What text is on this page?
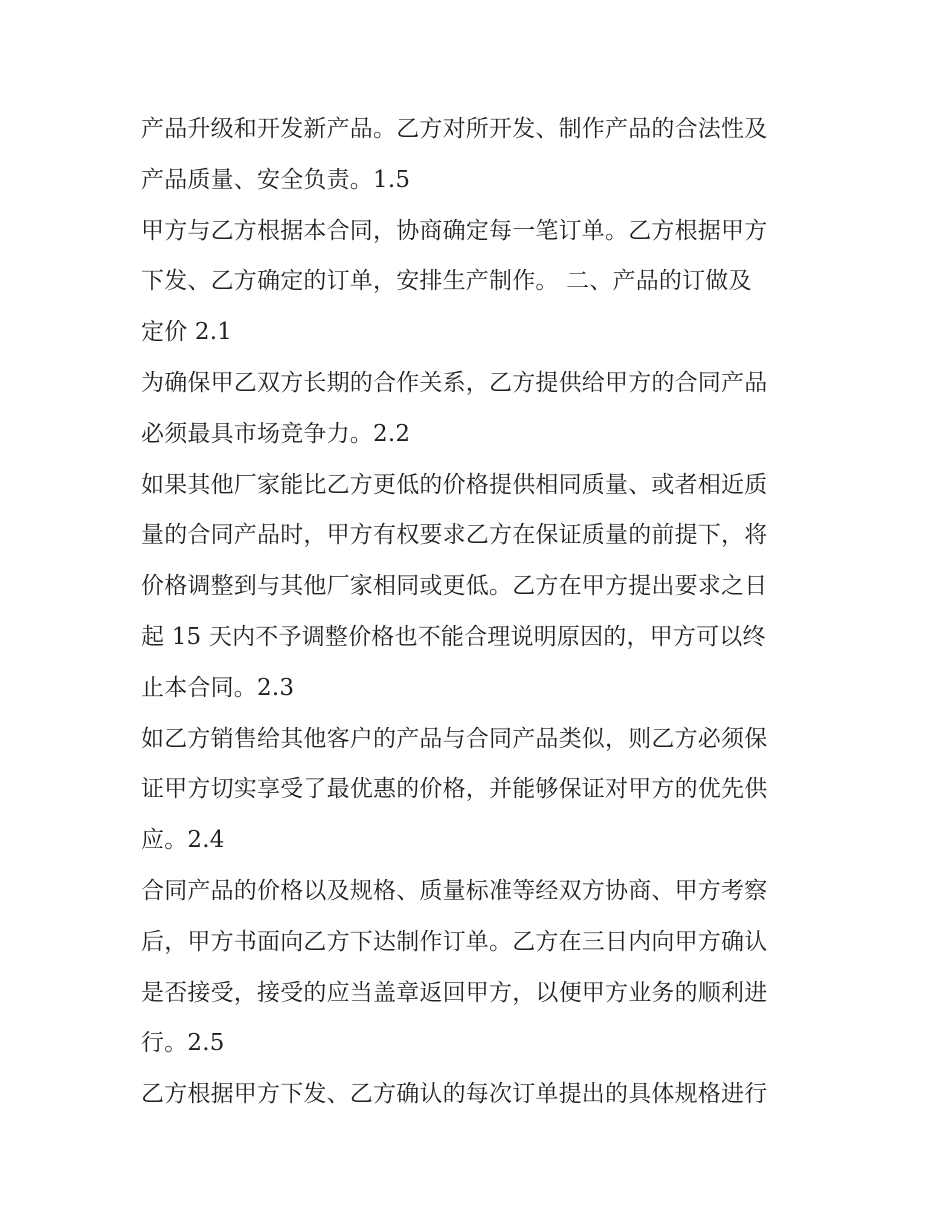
产品升级和开发新产品。乙方对所开发、制作产品的合法性及
产品质量、安全负责。1.5
甲方与乙方根据本合同，协商确定每一笔订单。乙方根据甲方
下发、乙方确定的订单，安排生产制作。 二、产品的订做及
定价 2.1
为确保甲乙双方长期的合作关系，乙方提供给甲方的合同产品
必须最具市场竞争力。2.2
如果其他厂家能比乙方更低的价格提供相同质量、或者相近质
量的合同产品时，甲方有权要求乙方在保证质量的前提下，将
价格调整到与其他厂家相同或更低。乙方在甲方提出要求之日
起 15 天内不予调整价格也不能合理说明原因的，甲方可以终
止本合同。2.3
如乙方销售给其他客户的产品与合同产品类似，则乙方必须保
证甲方切实享受了最优惠的价格，并能够保证对甲方的优先供
应。2.4
合同产品的价格以及规格、质量标准等经双方协商、甲方考察
后，甲方书面向乙方下达制作订单。乙方在三日内向甲方确认
是否接受，接受的应当盖章返回甲方，以便甲方业务的顺利进
行。2.5
乙方根据甲方下发、乙方确认的每次订单提出的具体规格进行
